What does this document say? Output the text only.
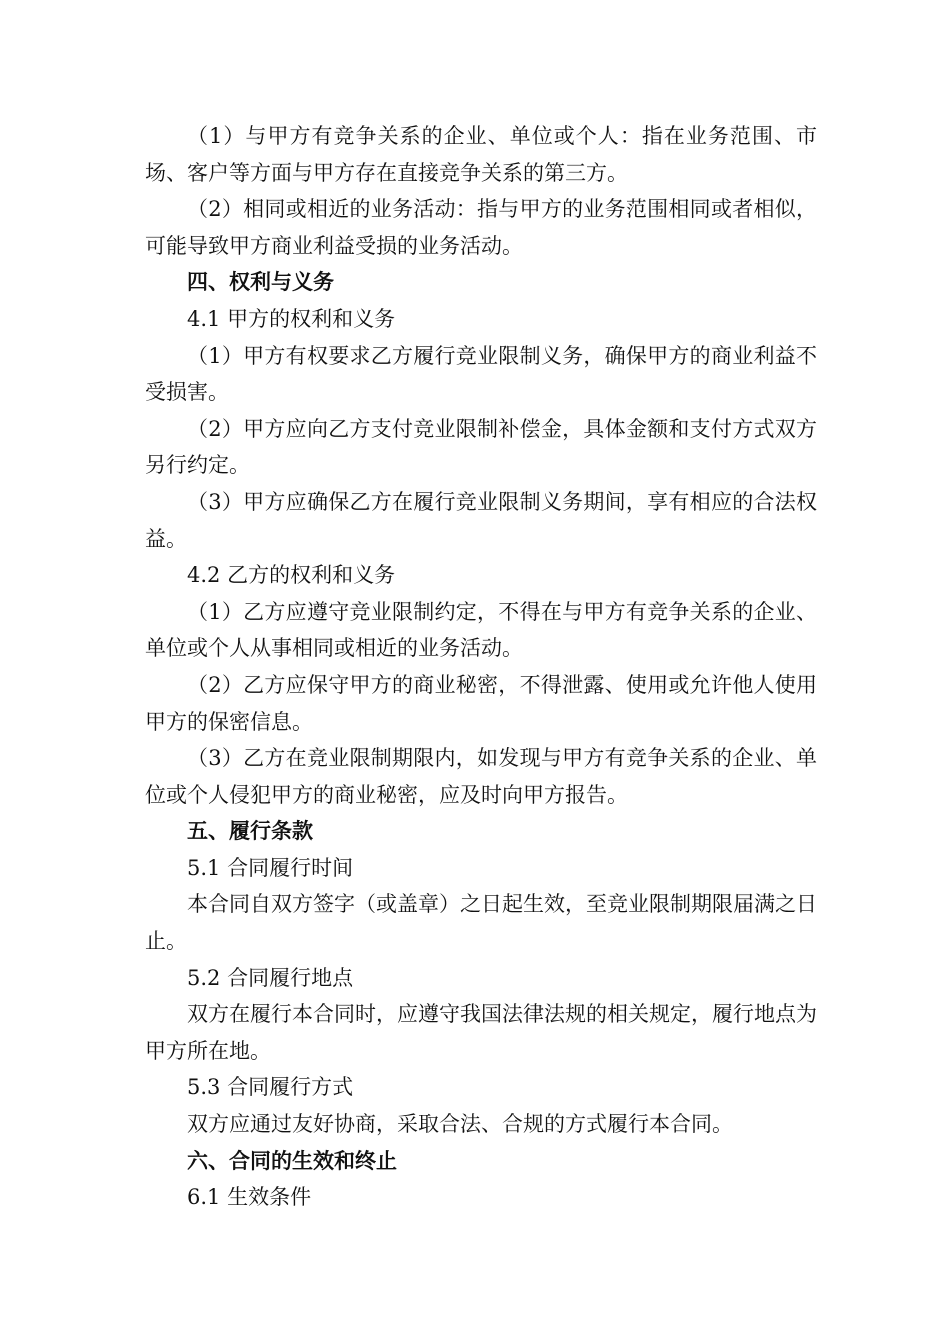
（1）与甲方有竞争关系的企业、单位或个人：指在业务范围、市场、客户等方面与甲方存在直接竞争关系的第三方。

（2）相同或相近的业务活动：指与甲方的业务范围相同或者相似，可能导致甲方商业利益受损的业务活动。

四、权利与义务

4.1 甲方的权利和义务

（1）甲方有权要求乙方履行竞业限制义务，确保甲方的商业利益不受损害。

（2）甲方应向乙方支付竞业限制补偿金，具体金额和支付方式双方另行约定。

（3）甲方应确保乙方在履行竞业限制义务期间，享有相应的合法权益。

4.2 乙方的权利和义务

（1）乙方应遵守竞业限制约定，不得在与甲方有竞争关系的企业、单位或个人从事相同或相近的业务活动。

（2）乙方应保守甲方的商业秘密，不得泄露、使用或允许他人使用甲方的保密信息。

（3）乙方在竞业限制期限内，如发现与甲方有竞争关系的企业、单位或个人侵犯甲方的商业秘密，应及时向甲方报告。

五、履行条款

5.1 合同履行时间

本合同自双方签字（或盖章）之日起生效，至竞业限制期限届满之日止。

5.2 合同履行地点

双方在履行本合同时，应遵守我国法律法规的相关规定，履行地点为甲方所在地。

5.3 合同履行方式

双方应通过友好协商，采取合法、合规的方式履行本合同。

六、合同的生效和终止

6.1 生效条件
